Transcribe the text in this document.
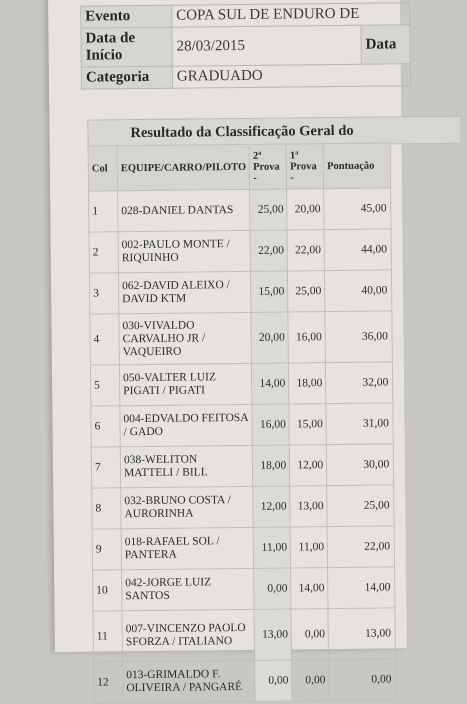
Evento	COPA SUL DE ENDURO DE	
Data de Início	28/03/2015	Data
Categoria	GRADUADO	
Resultado da Classificação Geral do
Col	EQUIPE/CARRO/PILOTO	2ª Prova -	1ª Prova -	Pontuação
1	028-DANIEL DANTAS	25,00	20,00	45,00
2	002-PAULO MONTE / RIQUINHO	22,00	22,00	44,00
3	062-DAVID ALEIXO / DAVID KTM	15,00	25,00	40,00
4	030-VIVALDO CARVALHO JR / VAQUEIRO	20,00	16,00	36,00
5	050-VALTER LUIZ PIGATI / PIGATI	14,00	18,00	32,00
6	004-EDVALDO FEITOSA / GADO	16,00	15,00	31,00
7	038-WELITON MATTELI / BILL	18,00	12,00	30,00
8	032-BRUNO COSTA / AURORINHA	12,00	13,00	25,00
9	018-RAFAEL SOL / PANTERA	11,00	11,00	22,00
10	042-JORGE LUIZ SANTOS	0,00	14,00	14,00
11	007-VINCENZO PAOLO SFORZA / ITALIANO	13,00	0,00	13,00
12	013-GRIMALDO F. OLIVEIRA / PANGARÉ	0,00	0,00	0,00
